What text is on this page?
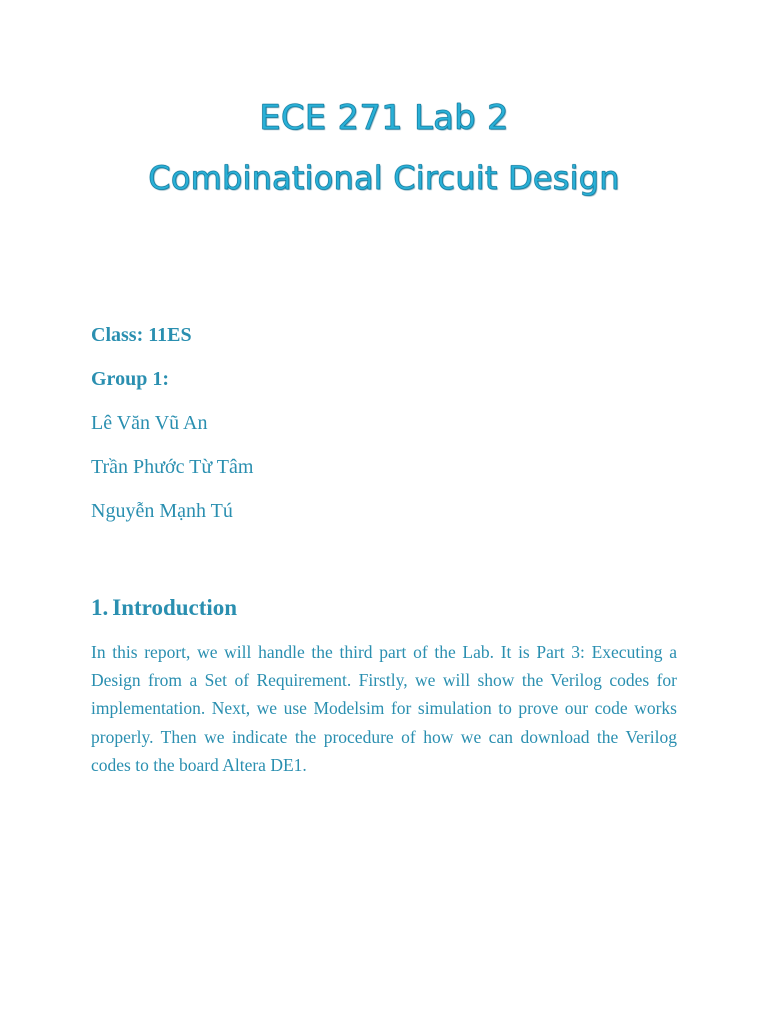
ECE 271 Lab 2
Combinational Circuit Design
Class: 11ES
Group 1:
Lê Văn Vũ An
Trần Phước Từ Tâm
Nguyễn Mạnh Tú
1. Introduction

In this report, we will handle the third part of the Lab. It is Part 3: Executing a Design from a Set of Requirement. Firstly, we will show the Verilog codes for implementation. Next, we use Modelsim for simulation to prove our code works properly. Then we indicate the procedure of how we can download the Verilog codes to the board Altera DE1.
